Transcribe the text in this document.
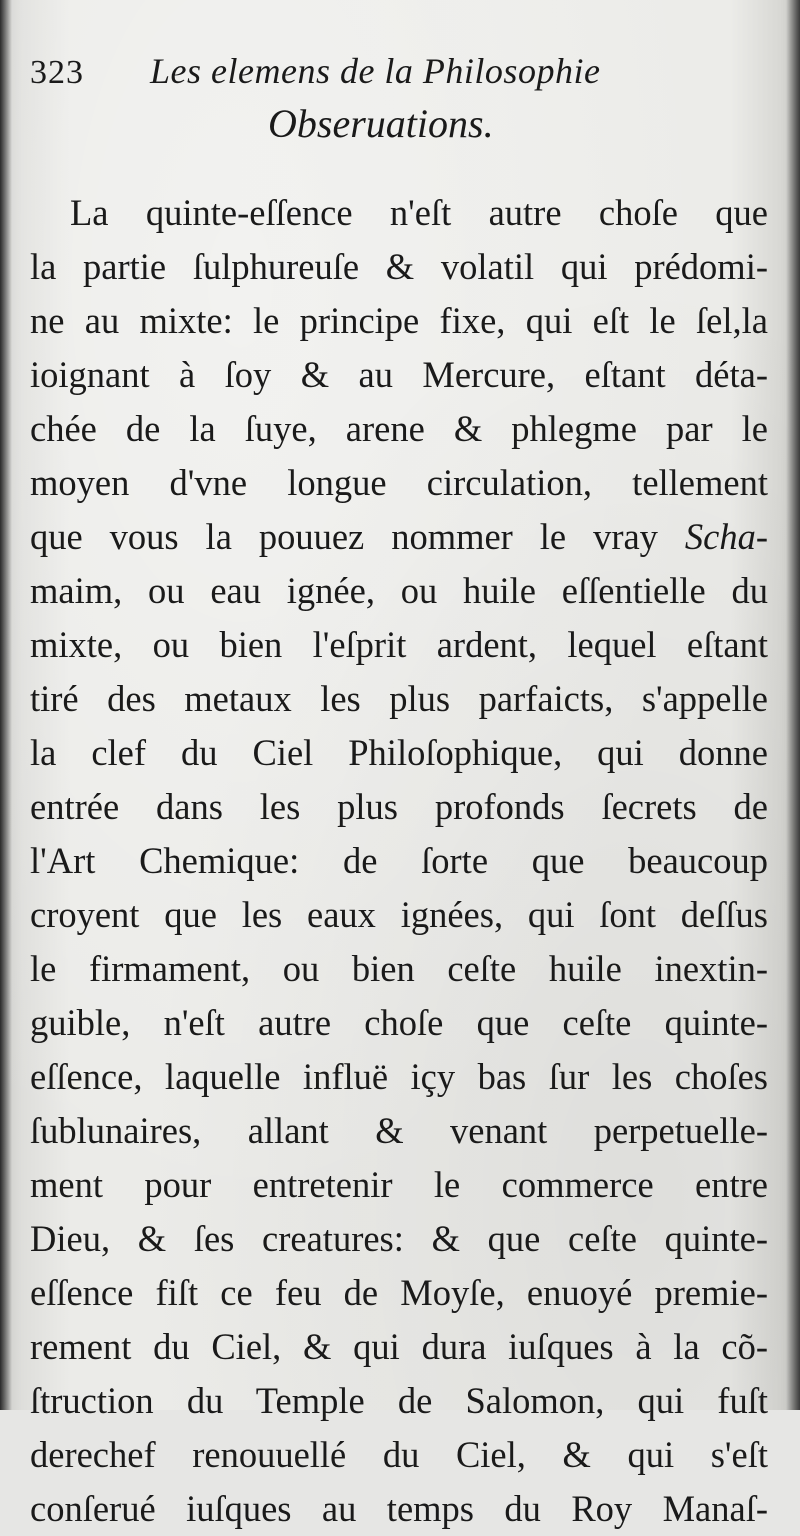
323 Les elemens de la Philosophie
Obseruations.
La quinte-eſſence n'eſt autre choſe que
la partie ſulphureuſe & volatil qui prédomi-
ne au mixte: le principe fixe, qui eſt le ſel,la
ioignant à ſoy & au Mercure, eſtant déta-
chée de la ſuye, arene & phlegme par le
moyen d'vne longue circulation, tellement
que vous la pouuez nommer le vray Scha-
maim, ou eau ignée, ou huile eſſentielle du
mixte, ou bien l'eſprit ardent, lequel eſtant
tiré des metaux les plus parfaicts, s'appelle
la clef du Ciel Philoſophique, qui donne
entrée dans les plus profonds ſecrets de
l'Art Chemique: de ſorte que beaucoup
croyent que les eaux ignées, qui ſont deſſus
le firmament, ou bien ceſte huile inextin-
guible, n'eſt autre choſe que ceſte quinte-
eſſence, laquelle influë içy bas ſur les choſes
ſublunaires, allant & venant perpetuelle-
ment pour entretenir le commerce entre
Dieu, & ſes creatures: & que ceſte quinte-
eſſence fiſt ce feu de Moyſe, enuoyé premie-
rement du Ciel, & qui dura iuſques à la cõ-
ſtruction du Temple de Salomon, qui fuſt
derechef renouuellé du Ciel, & qui s'eſt
conſerué iuſques au temps du Roy Manaſ-
